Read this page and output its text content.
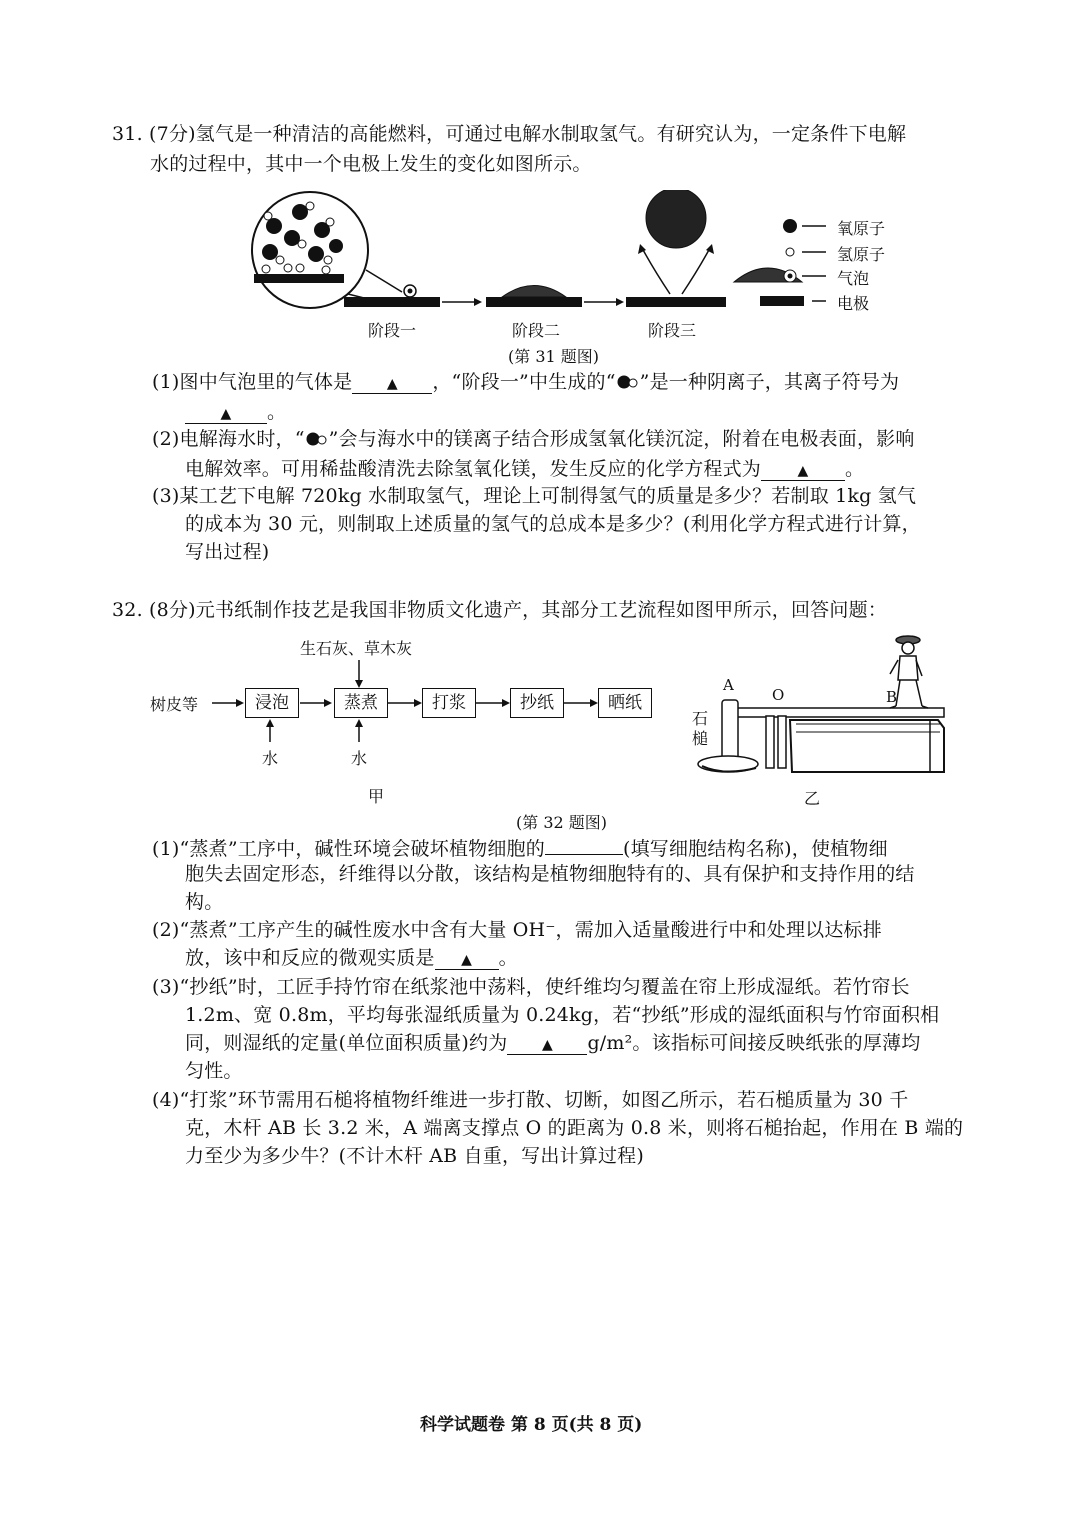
31. (7分)氢气是一种清洁的高能燃料，可通过电解水制取氢气。有研究认为，一定条件下电解
水的过程中，其中一个电极上发生的变化如图所示。
氧原子
氢原子
气泡
电极
阶段一	阶段二	阶段三
(第 31 题图)
(1)图中气泡里的气体是 ▲ ，“阶段一”中生成的“ ”是一种阴离子，其离子符号为
▲ 。
(2)电解海水时，“ ”会与海水中的镁离子结合形成氢氧化镁沉淀，附着在电极表面，影响
电解效率。可用稀盐酸清洗去除氢氧化镁，发生反应的化学方程式为	▲ 。
(3)某工艺下电解 720kg 水制取氢气，理论上可制得氢气的质量是多少？若制取 1kg 氢气
的成本为 30 元，则制取上述质量的氢气的总成本是多少？(利用化学方程式进行计算，
写出过程)
32. (8分)元书纸制作技艺是我国非物质文化遗产，其部分工艺流程如图甲所示，回答问题：
生石灰、草木灰
树皮等	浸泡	蒸煮	打浆	抄纸	晒纸
水	水
甲
A
O	B
石
槌
乙
(第 32 题图)
(1)“蒸煮”工序中，碱性环境会破坏植物细胞的	(填写细胞结构名称)，使植物细
胞失去固定形态，纤维得以分散，该结构是植物细胞特有的、具有保护和支持作用的结
构。
(2)“蒸煮”工序产生的碱性废水中含有大量 OH⁻，需加入适量酸进行中和处理以达标排
放，该中和反应的微观实质是 ▲ 。
(3)“抄纸”时，工匠手持竹帘在纸浆池中荡料，使纤维均匀覆盖在帘上形成湿纸。若竹帘长
1.2m、宽 0.8m，平均每张湿纸质量为 0.24kg，若“抄纸”形成的湿纸面积与竹帘面积相
同，则湿纸的定量(单位面积质量)约为 ▲ g/m²。该指标可间接反映纸张的厚薄均
匀性。
(4)“打浆”环节需用石槌将植物纤维进一步打散、切断，如图乙所示，若石槌质量为 30 千
克，木杆 AB 长 3.2 米，A 端离支撑点 O 的距离为 0.8 米，则将石槌抬起，作用在 B 端的
力至少为多少牛？(不计木杆 AB 自重，写出计算过程)
科学试题卷 第 8 页(共 8 页)
